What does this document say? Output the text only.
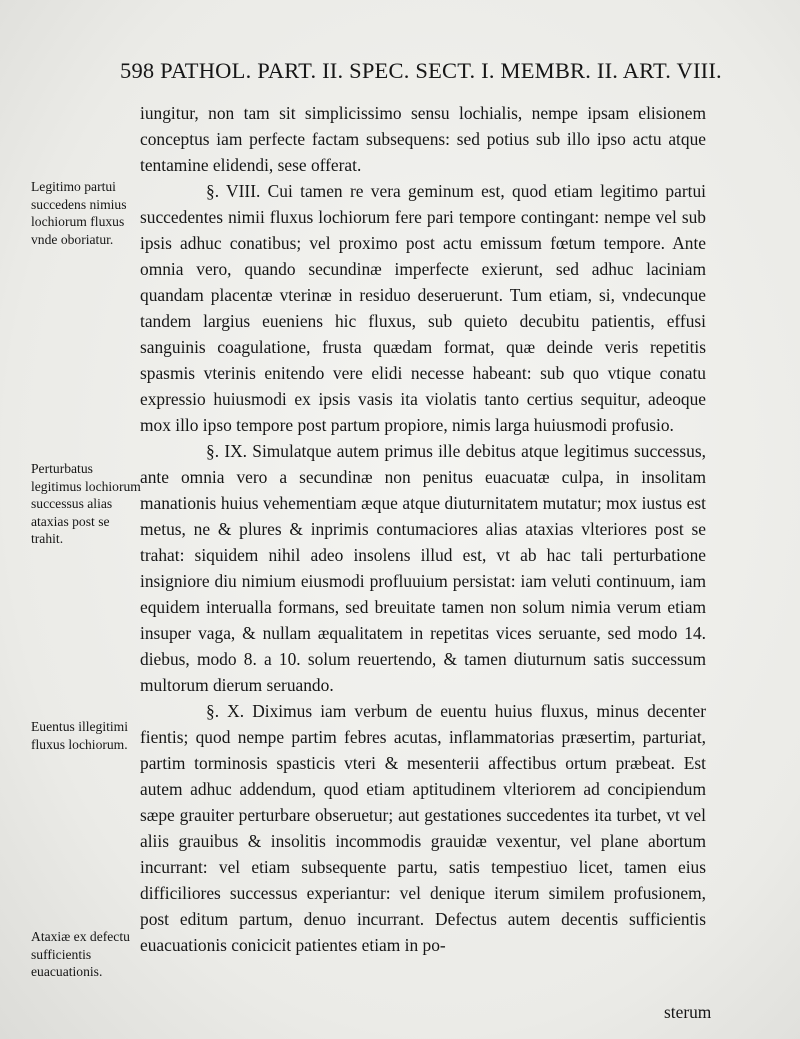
598 PATHOL. PART. II. SPEC. SECT. I. MEMBR. II. ART. VIII.
Legitimo partui succedens nimius lochiorum fluxus vnde oboriatur.
Perturbatus legitimus lochiorum successus alias ataxias post se trahit.
Euentus illegitimi fluxus lochiorum.
Ataxiæ ex defectu sufficientis euacuationis.

iungitur, non tam sit simplicissimo sensu lochialis, nempe ipsam elisionem conceptus iam perfecte factam subsequens: sed potius sub illo ipso actu atque tentamine elidendi, sese offerat.

§. VIII. Cui tamen re vera geminum est, quod etiam legitimo partui succedentes nimii fluxus lochiorum fere pari tempore contingant: nempe vel sub ipsis adhuc conatibus; vel proximo post actu emissum fœtum tempore. Ante omnia vero, quando secundinæ imperfecte exierunt, sed adhuc laciniam quandam placentæ vterinæ in residuo deseruerunt. Tum etiam, si, vndecunque tandem largius eueniens hic fluxus, sub quieto decubitu patientis, effusi sanguinis coagulatione, frusta quædam format, quæ deinde veris repetitis spasmis vterinis enitendo vere elidi necesse habeant: sub quo vtique conatu expressio huiusmodi ex ipsis vasis ita violatis tanto certius sequitur, adeoque mox illo ipso tempore post partum propiore, nimis larga huiusmodi profusio.

§. IX. Simulatque autem primus ille debitus atque legitimus successus, ante omnia vero a secundinæ non penitus euacuatæ culpa, in insolitam manationis huius vehementiam æque atque diuturnitatem mutatur; mox iustus est metus, ne & plures & inprimis contumaciores alias ataxias vlteriores post se trahat: siquidem nihil adeo insolens illud est, vt ab hac tali perturbatione insigniore diu nimium eiusmodi profluuium persistat: iam veluti continuum, iam equidem interualla formans, sed breuitate tamen non solum nimia verum etiam insuper vaga, & nullam æqualitatem in repetitas vices seruante, sed modo 14. diebus, modo 8. a 10. solum reuertendo, & tamen diuturnum satis successum multorum dierum seruando.

§. X. Diximus iam verbum de euentu huius fluxus, minus decenter fientis; quod nempe partim febres acutas, inflammatorias præsertim, parturiat, partim torminosis spasticis vteri & mesenterii affectibus ortum præbeat. Est autem adhuc addendum, quod etiam aptitudinem vlteriorem ad concipiendum sæpe grauiter perturbare obseruetur; aut gestationes succedentes ita turbet, vt vel aliis grauibus & insolitis incommodis grauidæ vexentur, vel plane abortum incurrant: vel etiam subsequente partu, satis tempestiuo licet, tamen eius difficiliores successus experiantur: vel denique iterum similem profusionem, post editum partum, denuo incurrant. Defectus autem decentis sufficientis euacuationis conicicit patientes etiam in po-

sterum
